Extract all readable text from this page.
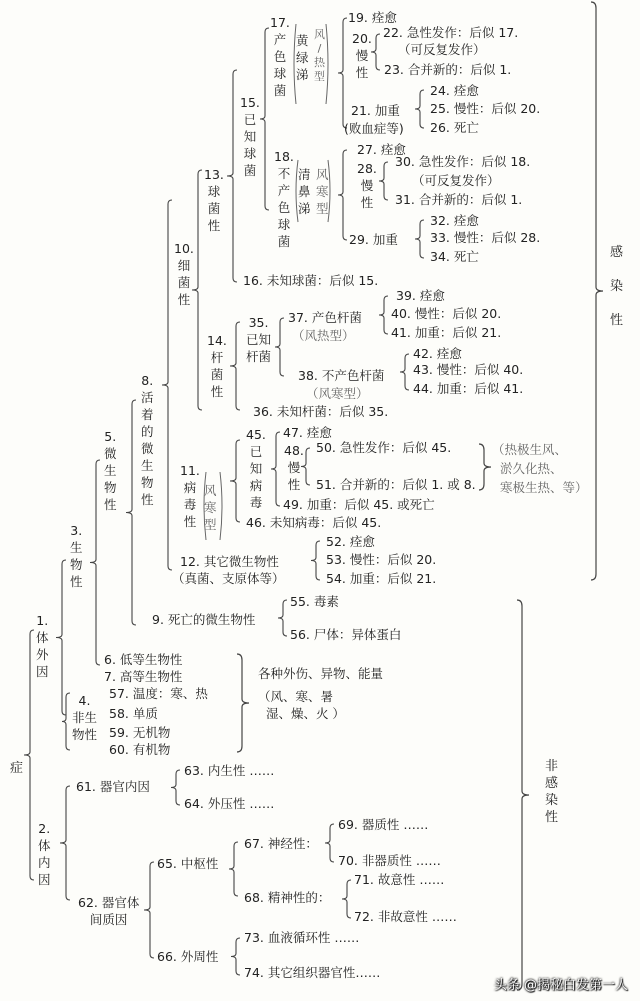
症
1.
体
外
因
2.
体
内
因
3.
生
物
性
4.
非生
物性
5.
微
生
物
性
6. 低等生物性
7. 高等生物性
57. 温度：寒、热
58. 单质
59. 无机物
60. 有机物
各种外伤、异物、能量
（风、寒、暑
湿、燥、火 ）
8.
活
着
的
微
生
物
性
9. 死亡的微生物性
55. 毒素
56. 尸体：异体蛋白
10.
细
菌
性
11.
病
毒
性
风
寒
型
12. 其它微生物性
（真菌、支原体等）
13.
球
菌
性
14.
杆
菌
性
16. 未知球菌：后似 15.
36. 未知杆菌：后似 35.
15.
已
知
球
菌
17.
产
色
球
菌
黄
绿
涕
风
/
热
型
18.
不
产
色
球
菌
清
鼻
涕
风
寒
型
19. 痊愈
20.
慢
性
22. 急性发作：后似 17.
（可反复发作）
23. 合并新的：后似 1.
21. 加重
(败血症等)
24. 痊愈
25. 慢性：后似 20.
26. 死亡
27. 痊愈
28.
慢
性
30. 急性发作：后似 18.
（可反复发作）
31. 合并新的：后似 1.
29. 加重
32. 痊愈
33. 慢性：后似 28.
34. 死亡
35.
已知
杆菌
37. 产色杆菌
（风热型）
38. 不产色杆菌
（风寒型）
39. 痊愈
40. 慢性：后似 20.
41. 加重：后似 21.
42. 痊愈
43. 慢性：后似 40.
44. 加重：后似 41.
45.
已
知
病
毒
47. 痊愈
48.
慢
性
50. 急性发作：后似 45.
51. 合并新的：后似 1. 或 8.
（热极生风、
淤久化热、
寒极生热、等）
49. 加重：后似 45. 或死亡
46. 未知病毒：后似 45.
52. 痊愈
53. 慢性：后似 20.
54. 加重：后似 21.
61. 器官内因
62. 器官体
间质因
63. 内生性 ……
64. 外压性 ……
65. 中枢性
66. 外周性
67. 神经性：
68. 精神性的：
69. 器质性 ……
70. 非器质性 ……
71. 故意性 ……
72. 非故意性 ……
73. 血液循环性 ……
74. 其它组织器官性……
感

染

性
非
感
染
性
头条 @揭秘白发第一人
